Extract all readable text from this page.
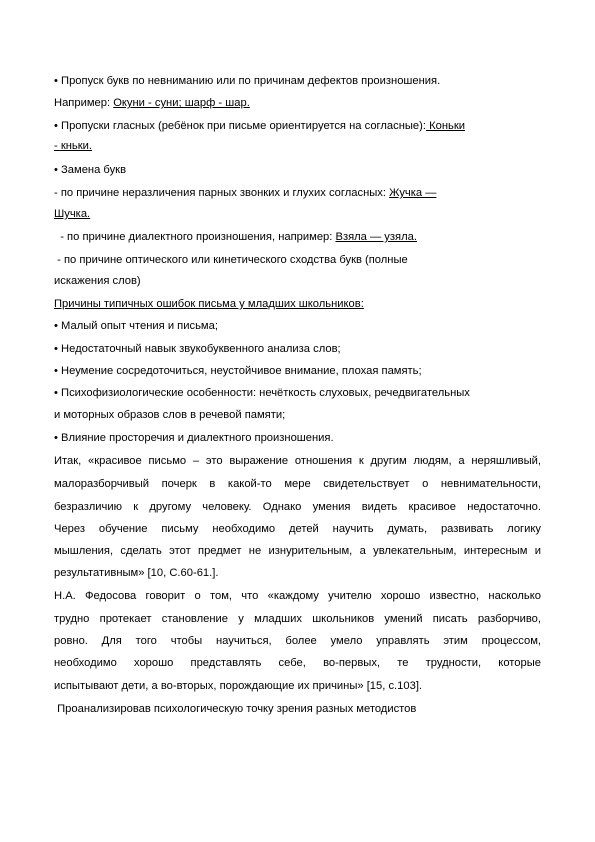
• Пропуск букв по невниманию или по причинам дефектов произношения.
Например: Окуни - суни; шарф - шар.
• Пропуски гласных (ребёнок при письме ориентируется на согласные): Коньки
- кньки.
• Замена букв
- по причине неразличения парных звонких и глухих согласных: Жучка —
Шучка.
- по причине диалектного произношения, например: Взяла — узяла.
- по причине оптического или кинетического сходства букв (полные
искажения слов)
Причины типичных ошибок письма у младших школьников:
• Малый опыт чтения и письма;
• Недостаточный навык звукобуквенного анализа слов;
• Неумение сосредоточиться, неустойчивое внимание, плохая память;
• Психофизиологические особенности: нечёткость слуховых, речедвигательных
и моторных образов слов в речевой памяти;
• Влияние просторечия и диалектного произношения.
Итак, «красивое письмо – это выражение отношения к другим людям, а неряшливый,
малоразборчивый почерк в какой-то мере свидетельствует о невнимательности,
безразличию к другому человеку. Однако умения видеть красивое недостаточно.
Через обучение письму необходимо детей научить думать, развивать логику
мышления, сделать этот предмет не изнурительным, а увлекательным, интересным и
результативным» [10, С.60-61.].
Н.А. Федосова говорит о том, что «каждому учителю хорошо известно, насколько
трудно протекает становление у младших школьников умений писать разборчиво,
ровно. Для того чтобы научиться, более умело управлять этим процессом,
необходимо хорошо представлять себе, во-первых, те трудности, которые
испытывают дети, а во-вторых, порождающие их причины» [15, с.103].
Проанализировав психологическую точку зрения разных методистов
